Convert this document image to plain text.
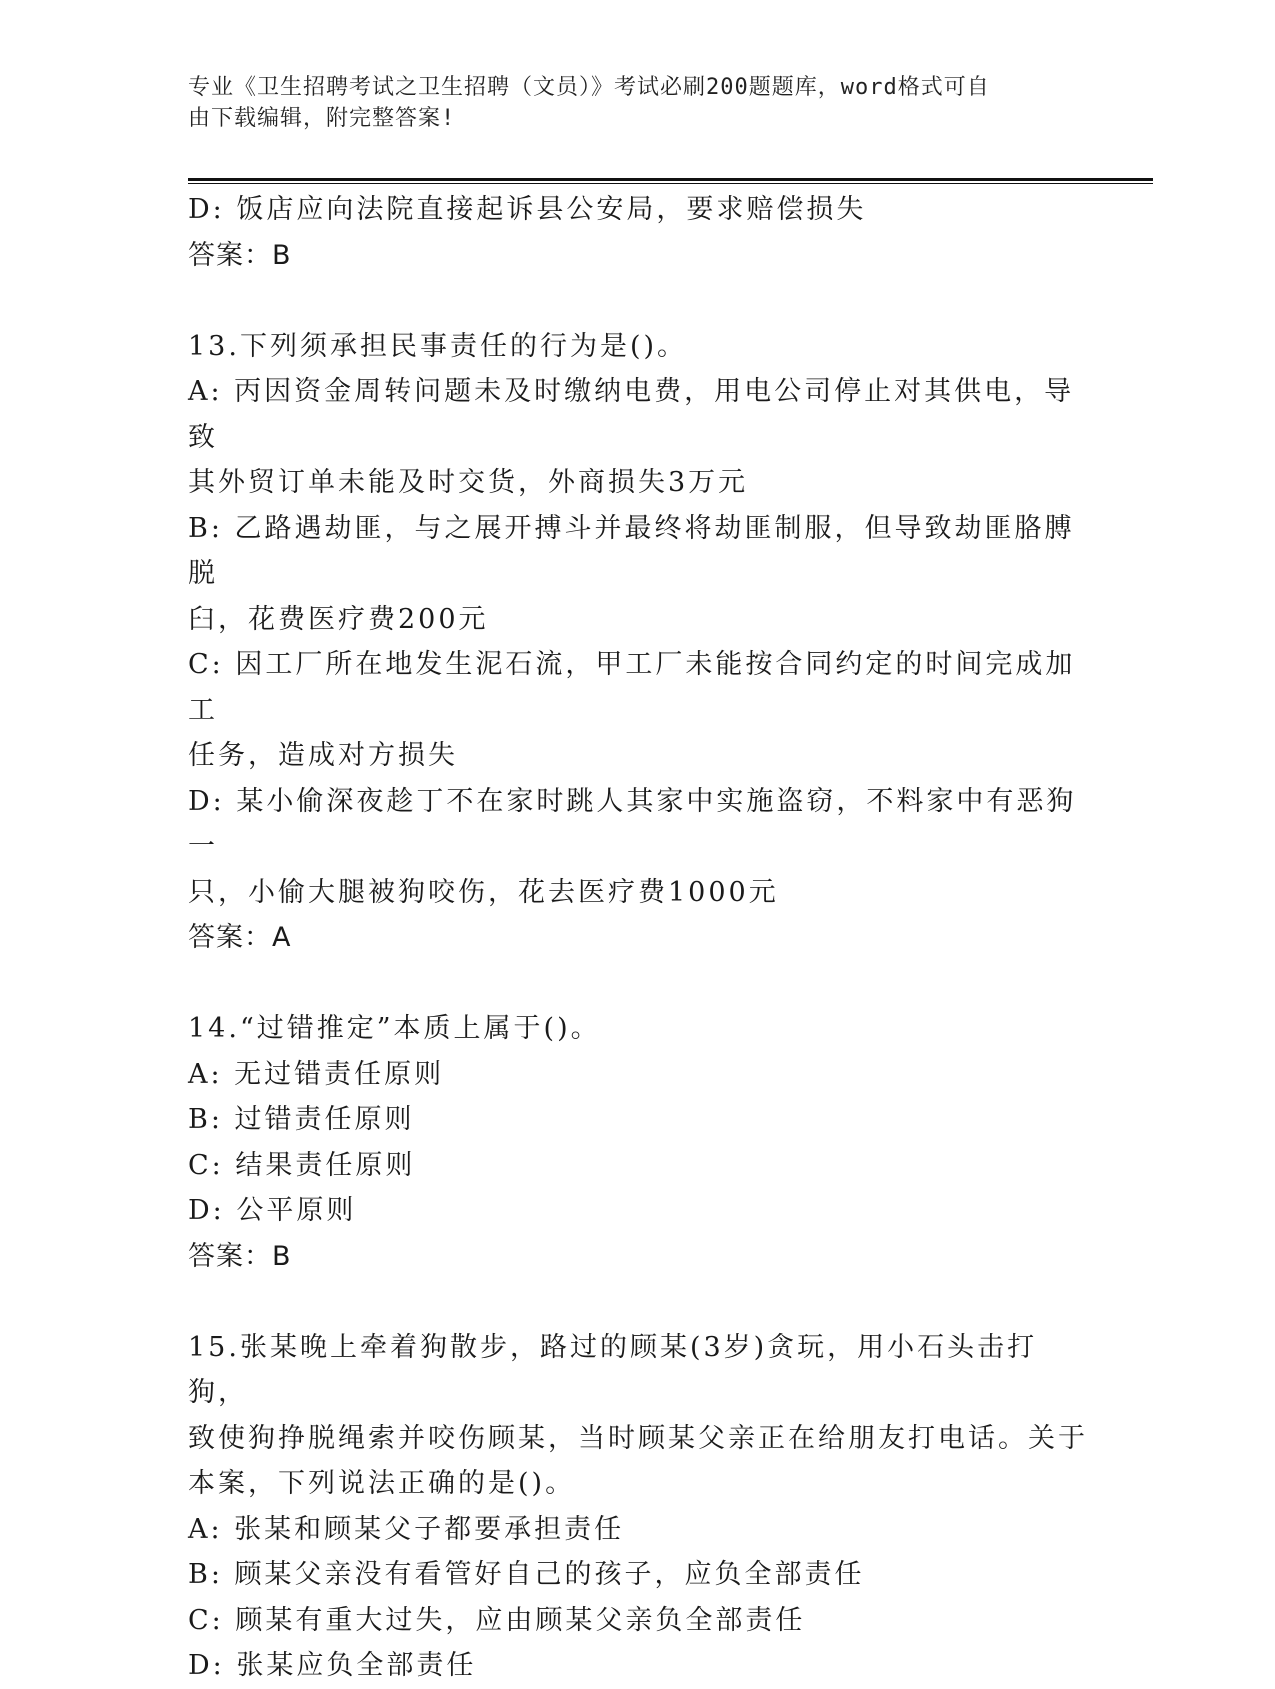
专业《卫生招聘考试之卫生招聘（文员）》考试必刷200题题库，word格式可自
由下载编辑，附完整答案!

D: 饭店应向法院直接起诉县公安局，要求赔偿损失

答案：B

13.下列须承担民事责任的行为是()。

A: 丙因资金周转问题未及时缴纳电费，用电公司停止对其供电，导致

其外贸订单未能及时交货，外商损失3万元

B: 乙路遇劫匪，与之展开搏斗并最终将劫匪制服，但导致劫匪胳膊脱

臼，花费医疗费200元

C: 因工厂所在地发生泥石流，甲工厂未能按合同约定的时间完成加工

任务，造成对方损失

D: 某小偷深夜趁丁不在家时跳人其家中实施盗窃，不料家中有恶狗一

只，小偷大腿被狗咬伤，花去医疗费1000元

答案：A

14.“过错推定”本质上属于()。

A: 无过错责任原则

B: 过错责任原则

C: 结果责任原则

D: 公平原则

答案：B

15.张某晚上牵着狗散步，路过的顾某(3岁)贪玩，用小石头击打狗，

致使狗挣脱绳索并咬伤顾某，当时顾某父亲正在给朋友打电话。关于

本案，下列说法正确的是()。

A: 张某和顾某父子都要承担责任

B: 顾某父亲没有看管好自己的孩子，应负全部责任

C: 顾某有重大过失，应由顾某父亲负全部责任

D: 张某应负全部责任
